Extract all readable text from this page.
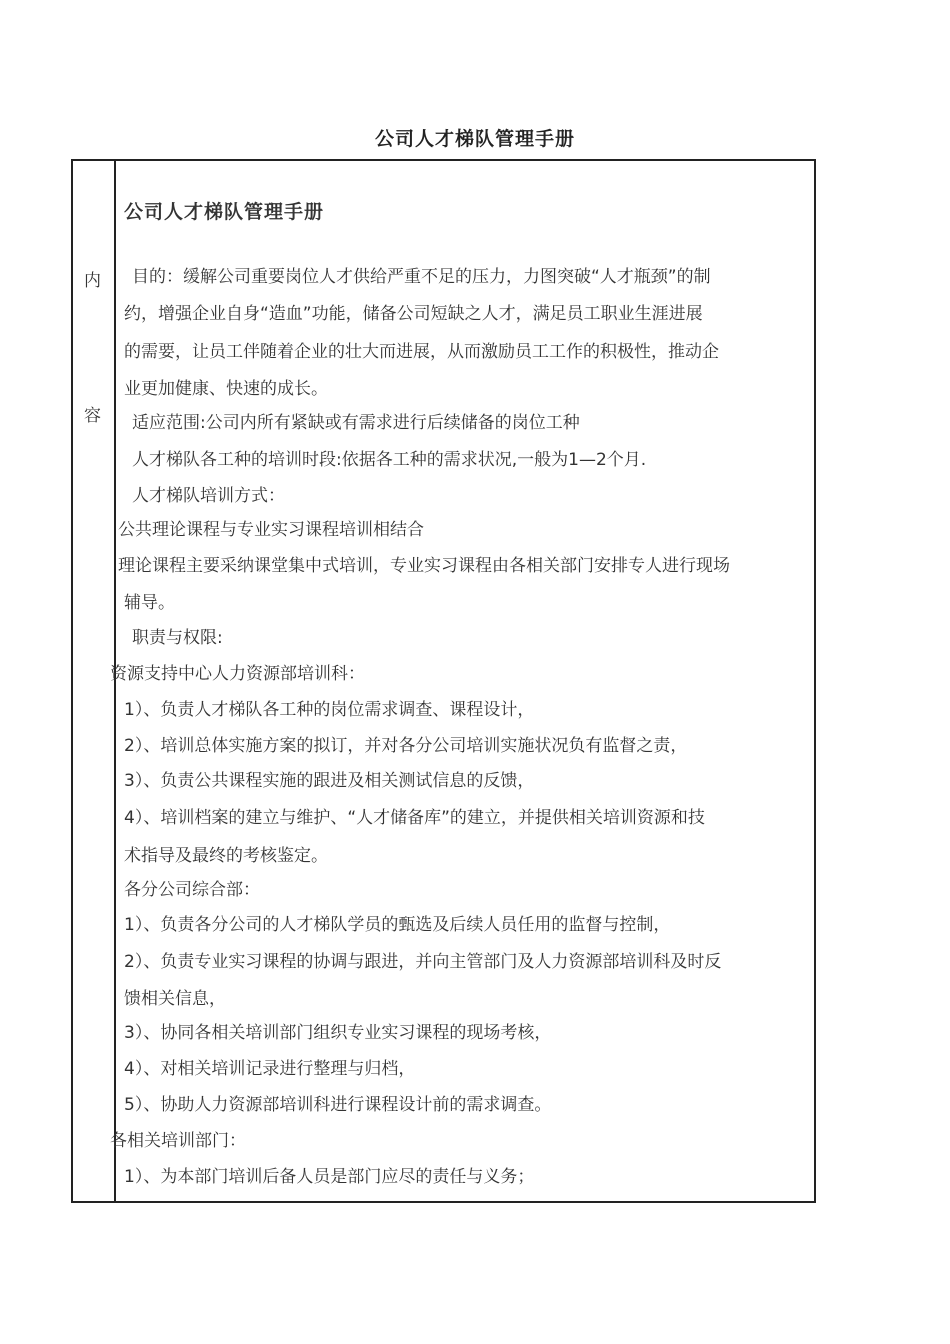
公司人才梯队管理手册
内
容
公司人才梯队管理手册
目的：缓解公司重要岗位人才供给严重不足的压力，力图突破“人才瓶颈”的制
约，增强企业自身“造血”功能，储备公司短缺之人才，满足员工职业生涯进展
的需要，让员工伴随着企业的壮大而进展，从而激励员工工作的积极性，推动企
业更加健康、快速的成长。
适应范围:公司内所有紧缺或有需求进行后续储备的岗位工种
人才梯队各工种的培训时段:依据各工种的需求状况,一般为1—2个月.
人才梯队培训方式：
公共理论课程与专业实习课程培训相结合
理论课程主要采纳课堂集中式培训，专业实习课程由各相关部门安排专人进行现场
辅导。
职责与权限:
资源支持中心人力资源部培训科：
1）、负责人才梯队各工种的岗位需求调查、课程设计，
2）、培训总体实施方案的拟订，并对各分公司培训实施状况负有监督之责，
3）、负责公共课程实施的跟进及相关测试信息的反馈，
4）、培训档案的建立与维护、“人才储备库”的建立，并提供相关培训资源和技
术指导及最终的考核鉴定。
各分公司综合部：
1）、负责各分公司的人才梯队学员的甄选及后续人员任用的监督与控制，
2）、负责专业实习课程的协调与跟进，并向主管部门及人力资源部培训科及时反
馈相关信息，
3）、协同各相关培训部门组织专业实习课程的现场考核，
4）、对相关培训记录进行整理与归档，
5）、协助人力资源部培训科进行课程设计前的需求调查。
各相关培训部门：
1）、为本部门培训后备人员是部门应尽的责任与义务；
